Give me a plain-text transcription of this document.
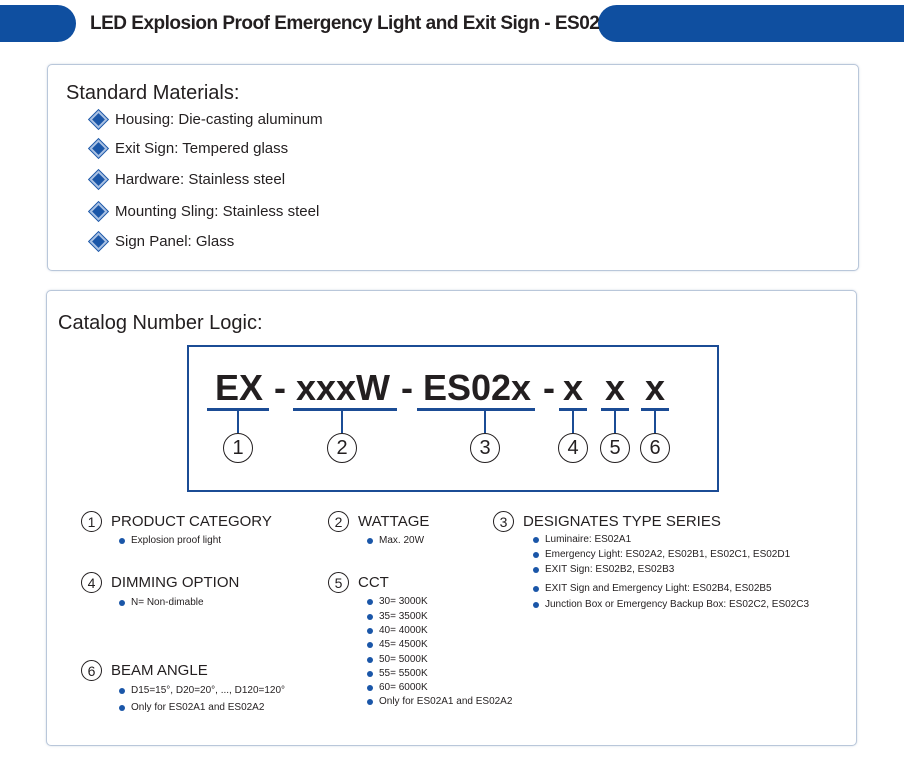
LED Explosion Proof Emergency Light and Exit Sign - ES02
Standard Materials:
Housing: Die-casting aluminum
Exit Sign: Tempered glass
Hardware: Stainless steel
Mounting Sling: Stainless steel
Sign Panel: Glass
Catalog Number Logic:
EX - xxxW - ES02x - x x x
1	2	3	4	5	6
1	PRODUCT CATEGORY
Explosion proof light
2	WATTAGE
Max. 20W
3	DESIGNATES TYPE SERIES
Luminaire: ES02A1
Emergency Light: ES02A2, ES02B1, ES02C1, ES02D1
EXIT Sign: ES02B2, ES02B3
EXIT Sign and Emergency Light: ES02B4, ES02B5
Junction Box or Emergency Backup Box: ES02C2, ES02C3
4	DIMMING OPTION
N= Non-dimable
5	CCT
30= 3000K
35= 3500K
40= 4000K
45= 4500K
50= 5000K
55= 5500K
60= 6000K
Only for ES02A1 and ES02A2
6	BEAM ANGLE
D15=15°, D20=20°, ..., D120=120°
Only for ES02A1 and ES02A2
